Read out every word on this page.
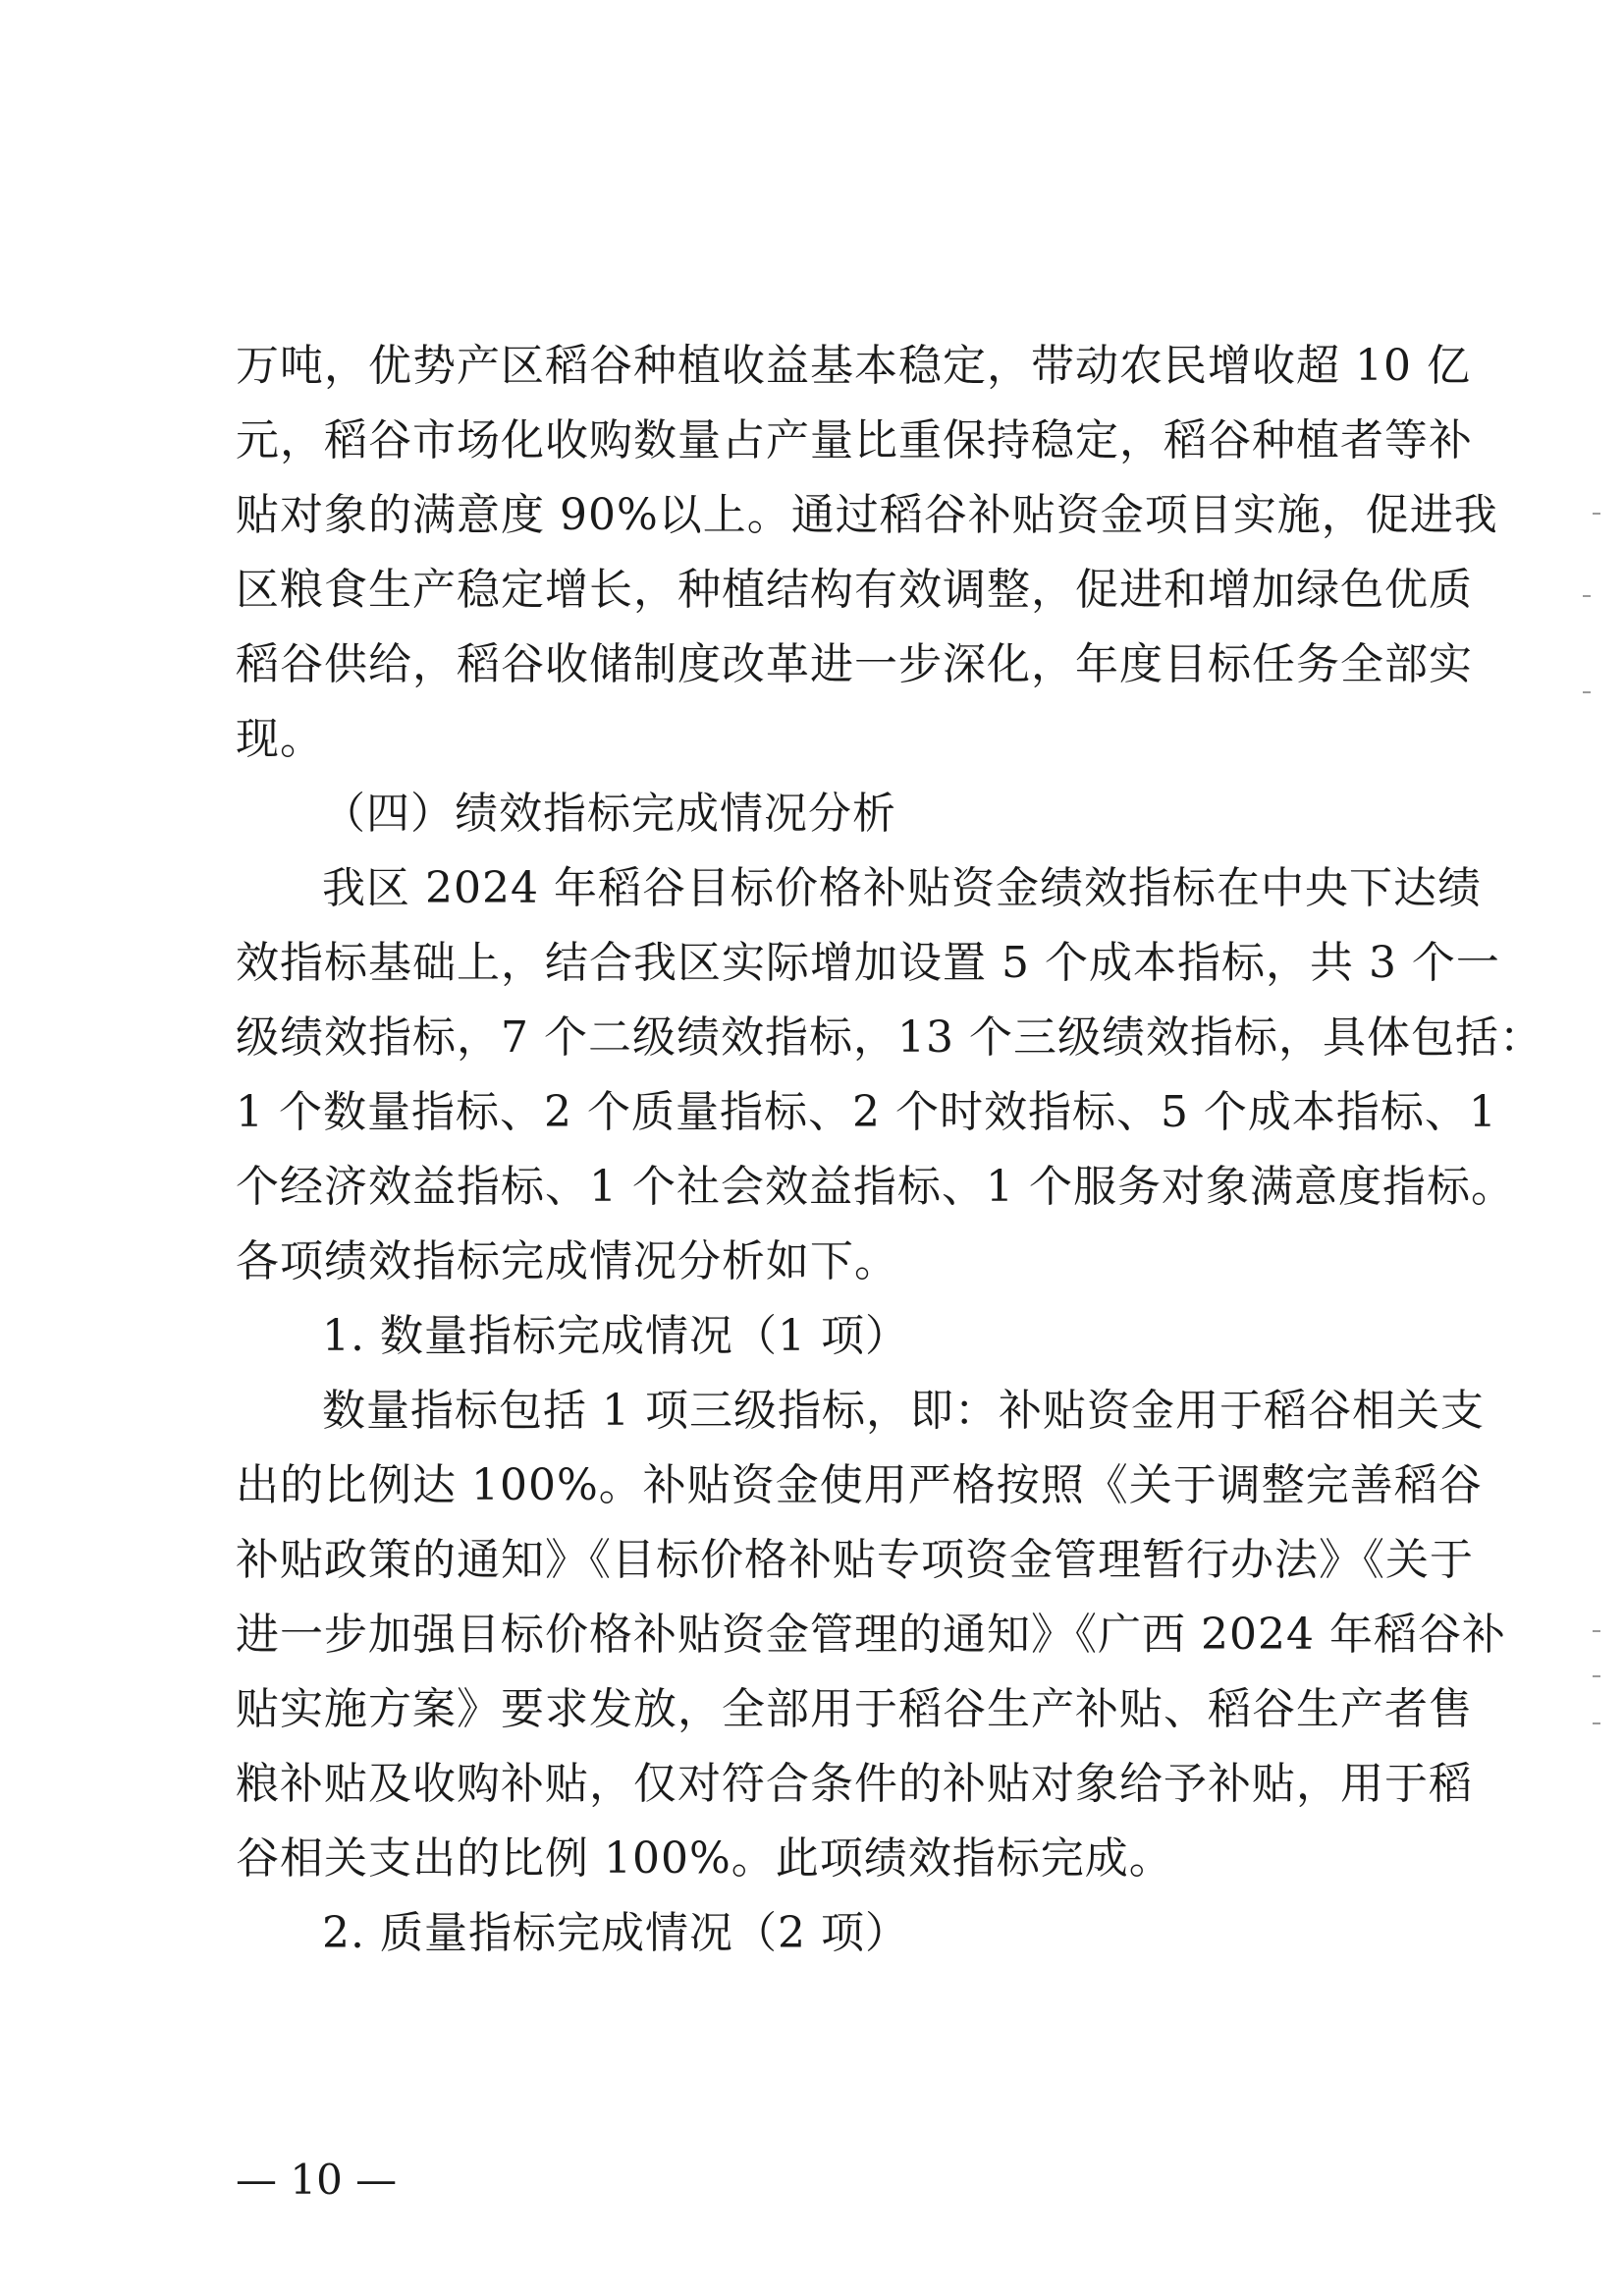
万吨，优势产区稻谷种植收益基本稳定，带动农民增收超 10 亿
元，稻谷市场化收购数量占产量比重保持稳定，稻谷种植者等补
贴对象的满意度 90%以上。通过稻谷补贴资金项目实施，促进我
区粮食生产稳定增长，种植结构有效调整，促进和增加绿色优质
稻谷供给，稻谷收储制度改革进一步深化，年度目标任务全部实
现。
（四）绩效指标完成情况分析
我区 2024 年稻谷目标价格补贴资金绩效指标在中央下达绩
效指标基础上，结合我区实际增加设置 5 个成本指标，共 3 个一
级绩效指标，7 个二级绩效指标，13 个三级绩效指标，具体包括：
1 个数量指标、2 个质量指标、2 个时效指标、5 个成本指标、1
个经济效益指标、1 个社会效益指标、1 个服务对象满意度指标。
各项绩效指标完成情况分析如下。
1. 数量指标完成情况（1 项）
数量指标包括 1 项三级指标，即：补贴资金用于稻谷相关支
出的比例达 100%。补贴资金使用严格按照《关于调整完善稻谷
补贴政策的通知》《目标价格补贴专项资金管理暂行办法》《关于
进一步加强目标价格补贴资金管理的通知》《广西 2024 年稻谷补
贴实施方案》要求发放，全部用于稻谷生产补贴、稻谷生产者售
粮补贴及收购补贴，仅对符合条件的补贴对象给予补贴，用于稻
谷相关支出的比例 100%。此项绩效指标完成。
2. 质量指标完成情况（2 项）
— 10 —
